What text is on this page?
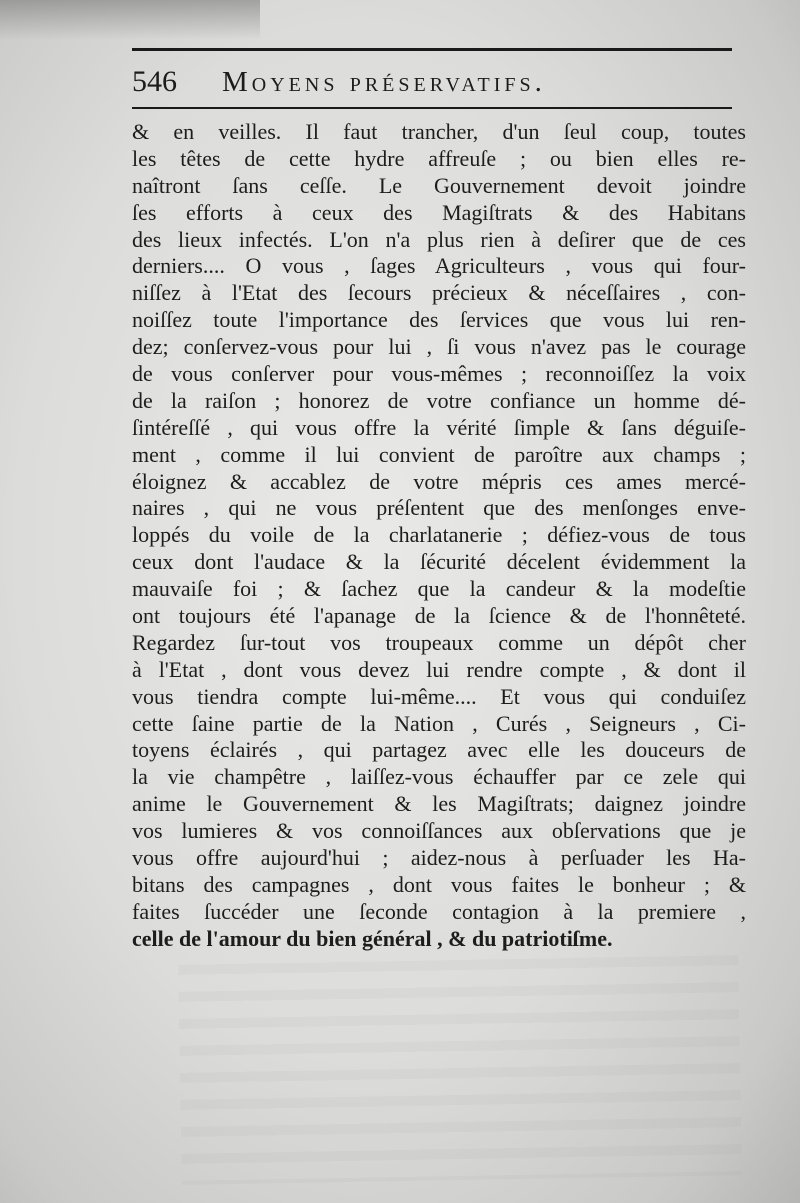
546 Moyens préservatifs.
& en veilles. Il faut trancher, d'un ſeul coup, toutes
les têtes de cette hydre affreuſe ; ou bien elles re-
naîtront ſans ceſſe. Le Gouvernement devoit joindre
ſes efforts à ceux des Magiſtrats & des Habitans
des lieux infectés. L'on n'a plus rien à deſirer que de ces
derniers.... O vous , ſages Agriculteurs , vous qui four-
niſſez à l'Etat des ſecours précieux & néceſſaires , con-
noiſſez toute l'importance des ſervices que vous lui ren-
dez; conſervez-vous pour lui , ſi vous n'avez pas le courage
de vous conſerver pour vous-mêmes ; reconnoiſſez la voix
de la raiſon ; honorez de votre confiance un homme dé-
ſintéreſſé , qui vous offre la vérité ſimple & ſans déguiſe-
ment , comme il lui convient de paroître aux champs ;
éloignez & accablez de votre mépris ces ames mercé-
naires , qui ne vous préſentent que des menſonges enve-
loppés du voile de la charlatanerie ; défiez-vous de tous
ceux dont l'audace & la ſécurité décelent évidemment la
mauvaiſe foi ; & ſachez que la candeur & la modeſtie
ont toujours été l'apanage de la ſcience & de l'honnêteté.
Regardez ſur-tout vos troupeaux comme un dépôt cher
à l'Etat , dont vous devez lui rendre compte , & dont il
vous tiendra compte lui-même.... Et vous qui conduiſez
cette ſaine partie de la Nation , Curés , Seigneurs , Ci-
toyens éclairés , qui partagez avec elle les douceurs de
la vie champêtre , laiſſez-vous échauffer par ce zele qui
anime le Gouvernement & les Magiſtrats; daignez joindre
vos lumieres & vos connoiſſances aux obſervations que je
vous offre aujourd'hui ; aidez-nous à perſuader les Ha-
bitans des campagnes , dont vous faites le bonheur ; &
faites ſuccéder une ſeconde contagion à la premiere ,
celle de l'amour du bien général , & du patriotiſme.
